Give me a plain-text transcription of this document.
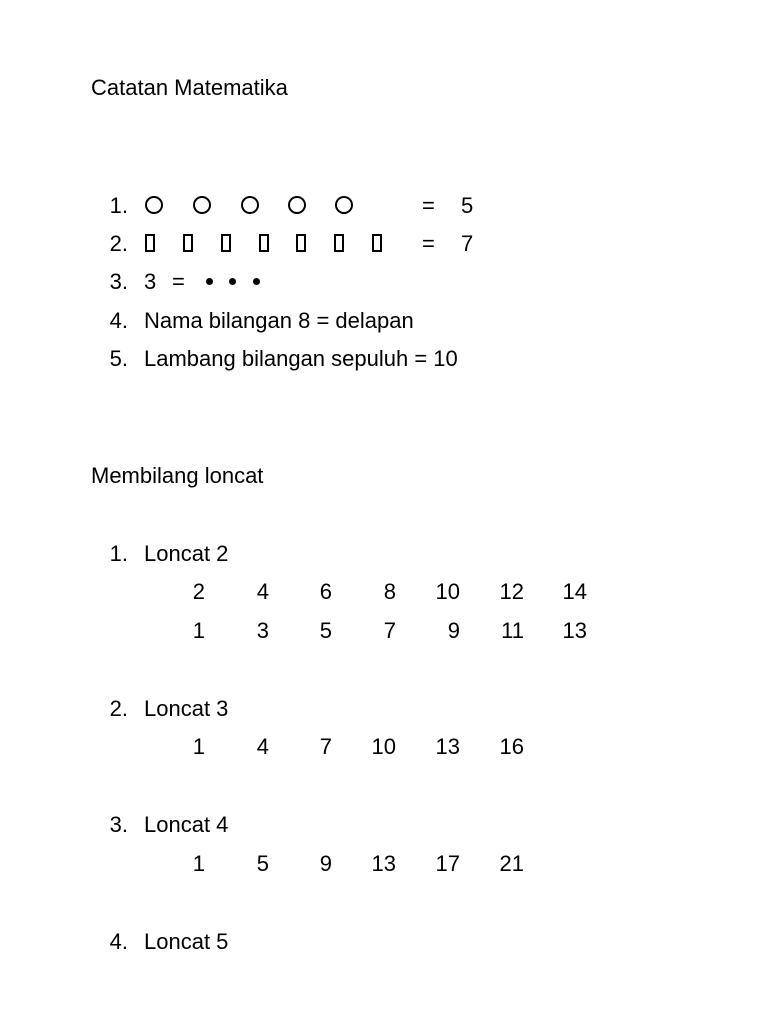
Catatan Matematika
1.	= 5
2.	= 7
3. 3 =
4. Nama bilangan 8 = delapan
5. Lambang bilangan sepuluh = 10
Membilang loncat
1. Loncat 2
2	4	6	8	10	12	14
1	3	5	7	9	11	13
2. Loncat 3
1	4	7	10	13	16
3. Loncat 4
1	5	9	13	17	21
4. Loncat 5
